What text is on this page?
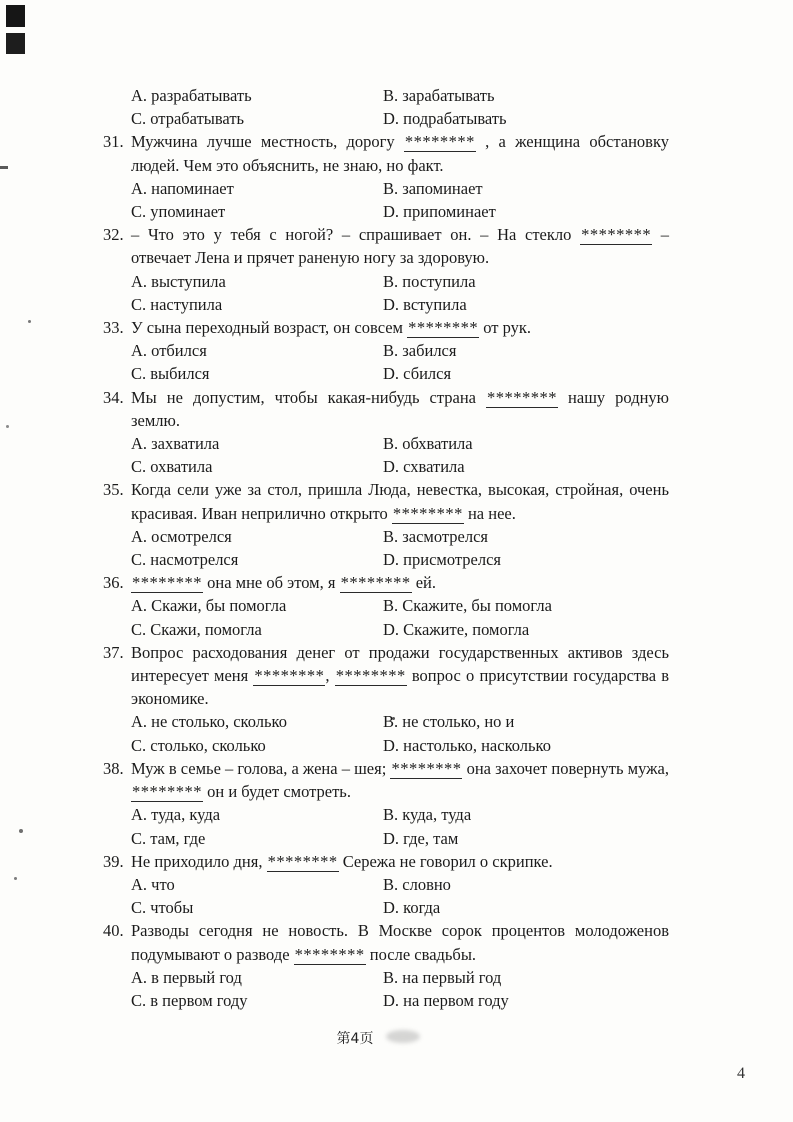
A. разрабатывать	B. зарабатывать
C. отрабатывать	D. подрабатывать
31. Мужчина лучше местность, дорогу ******** , а женщина обстановку людей. Чем это объяснить, не знаю, но факт.
A. напоминает	B. запоминает
C. упоминает	D. припоминает
32. – Что это у тебя с ногой? – спрашивает он. – На стекло ******** – отвечает Лена и прячет раненую ногу за здоровую.
A. выступила	B. поступила
C. наступила	D. вступила
33. У сына переходный возраст, он совсем ******** от рук.
A. отбился	B. забился
C. выбился	D. сбился
34. Мы не допустим, чтобы какая-нибудь страна ******** нашу родную землю.
A. захватила	B. обхватила
C. охватила	D. схватила
35. Когда сели уже за стол, пришла Люда, невестка, высокая, стройная, очень красивая. Иван неприлично открыто ******** на нее.
A. осмотрелся	B. засмотрелся
C. насмотрелся	D. присмотрелся
36. ******** она мне об этом, я ******** ей.
A. Скажи, бы помогла	B. Скажите, бы помогла
C. Скажи, помогла	D. Скажите, помогла
37. Вопрос расходования денег от продажи государственных активов здесь интересует меня ********, ******** вопрос о присутствии государства в экономике.
A. не столько, сколько	B. не столько, но и
C. столько, сколько	D. настолько, насколько
38. Муж в семье – голова, а жена – шея; ******** она захочет повернуть мужа, ******** он и будет смотреть.
A. туда, куда	B. куда, туда
C. там, где	D. где, там
39. Не приходило дня, ******** Сережа не говорил о скрипке.
A. что	B. словно
C. чтобы	D. когда
40. Разводы сегодня не новость. В Москве сорок процентов молодоженов подумывают о разводе ******** после свадьбы.
A. в первый год	B. на первый год
C. в первом году	D. на первом году
第4页
4
